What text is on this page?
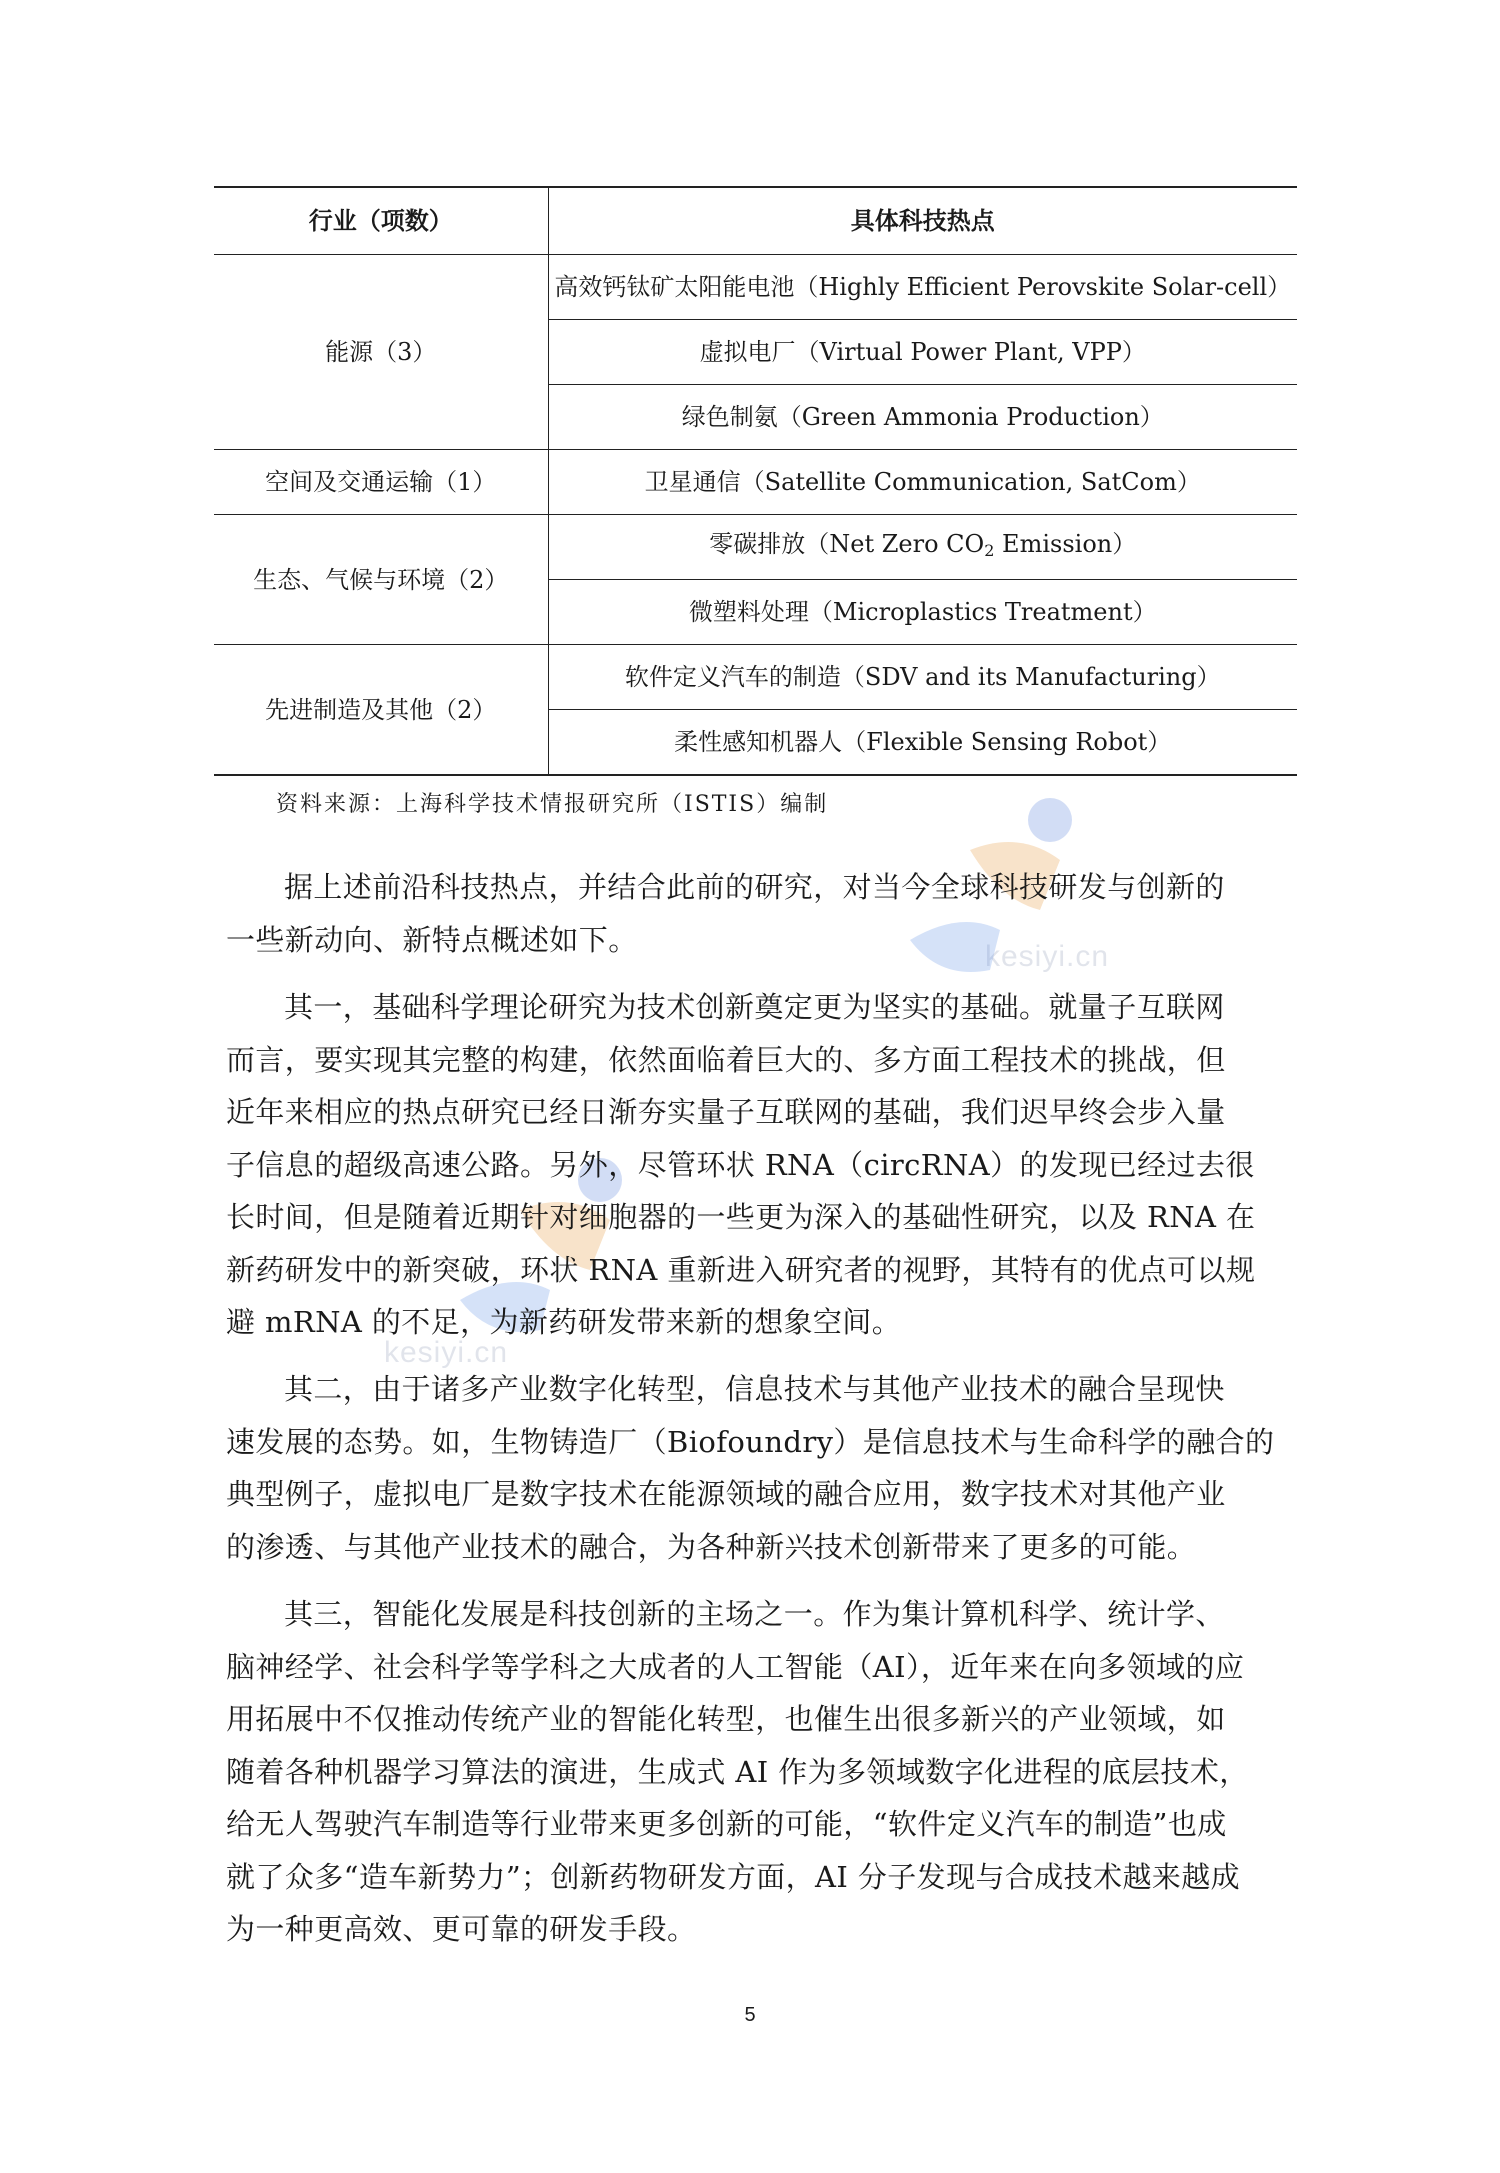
kesiyi.cn
kesiyi.cn
行业（项数）	具体科技热点
能源（3）	高效钙钛矿太阳能电池（Highly Efficient Perovskite Solar-cell）
	虚拟电厂（Virtual Power Plant, VPP）
	绿色制氨（Green Ammonia Production）
空间及交通运输（1）	卫星通信（Satellite Communication, SatCom）
生态、气候与环境（2）	零碳排放（Net Zero $CO_2$ Emission）
	微塑料处理（Microplastics Treatment）
先进制造及其他（2）	软件定义汽车的制造（SDV and its Manufacturing）
	柔性感知机器人（Flexible Sensing Robot）
资料来源：上海科学技术情报研究所（ISTIS）编制

据上述前沿科技热点，并结合此前的研究，对当今全球科技研发与创新的
一些新动向、新特点概述如下。

其一，基础科学理论研究为技术创新奠定更为坚实的基础。就量子互联网
而言，要实现其完整的构建，依然面临着巨大的、多方面工程技术的挑战，但
近年来相应的热点研究已经日渐夯实量子互联网的基础，我们迟早终会步入量
子信息的超级高速公路。另外，尽管环状 RNA（circRNA）的发现已经过去很
长时间，但是随着近期针对细胞器的一些更为深入的基础性研究，以及 RNA 在
新药研发中的新突破，环状 RNA 重新进入研究者的视野，其特有的优点可以规
避 mRNA 的不足，为新药研发带来新的想象空间。

其二，由于诸多产业数字化转型，信息技术与其他产业技术的融合呈现快
速发展的态势。如，生物铸造厂（Biofoundry）是信息技术与生命科学的融合的
典型例子，虚拟电厂是数字技术在能源领域的融合应用，数字技术对其他产业
的渗透、与其他产业技术的融合，为各种新兴技术创新带来了更多的可能。

其三，智能化发展是科技创新的主场之一。作为集计算机科学、统计学、
脑神经学、社会科学等学科之大成者的人工智能（AI），近年来在向多领域的应
用拓展中不仅推动传统产业的智能化转型，也催生出很多新兴的产业领域，如
随着各种机器学习算法的演进，生成式 AI 作为多领域数字化进程的底层技术，
给无人驾驶汽车制造等行业带来更多创新的可能，“软件定义汽车的制造”也成
就了众多“造车新势力”；创新药物研发方面，AI 分子发现与合成技术越来越成
为一种更高效、更可靠的研发手段。

5
